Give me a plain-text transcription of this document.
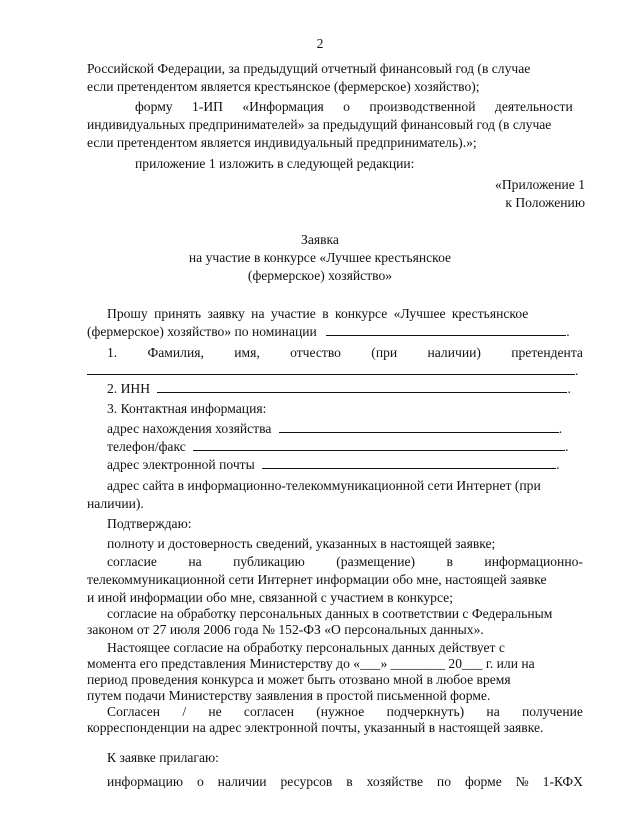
2
Российской Федерации, за предыдущий отчетный финансовый год (в случае
если претендентом является крестьянское (фермерское) хозяйство);
форму 1-ИП «Информация о производственной деятельности
индивидуальных предпринимателей» за предыдущий финансовый год (в случае
если претендентом является индивидуальный предприниматель).»;
приложение 1 изложить в следующей редакции:
«Приложение 1
к Положению
Заявка
на участие в конкурсе «Лучшее крестьянское
(фермерское) хозяйство»
Прошу принять заявку на участие в конкурсе «Лучшее крестьянское
(фермерское) хозяйство» по номинации	.
1. Фамилия, имя, отчество (при наличии) претендента
.
2. ИНН	.
3. Контактная информация:
адрес нахождения хозяйства	.
телефон/факс	.
адрес электронной почты	.
адрес сайта в информационно-телекоммуникационной сети Интернет (при
наличии).
Подтверждаю:
полноту и достоверность сведений, указанных в настоящей заявке;
согласие на публикацию (размещение) в информационно-
телекоммуникационной сети Интернет информации обо мне, настоящей заявке
и иной информации обо мне, связанной с участием в конкурсе;
согласие на обработку персональных данных в соответствии с Федеральным
законом от 27 июля 2006 года № 152-ФЗ «О персональных данных».
Настоящее согласие на обработку персональных данных действует с
момента его представления Министерству до «___» ________ 20___ г. или на
период проведения конкурса и может быть отозвано мной в любое время
путем подачи Министерству заявления в простой письменной форме.
Согласен / не согласен (нужное подчеркнуть) на получение
корреспонденции на адрес электронной почты, указанный в настоящей заявке.
К заявке прилагаю:
информацию о наличии ресурсов в хозяйстве по форме № 1-КФХ
